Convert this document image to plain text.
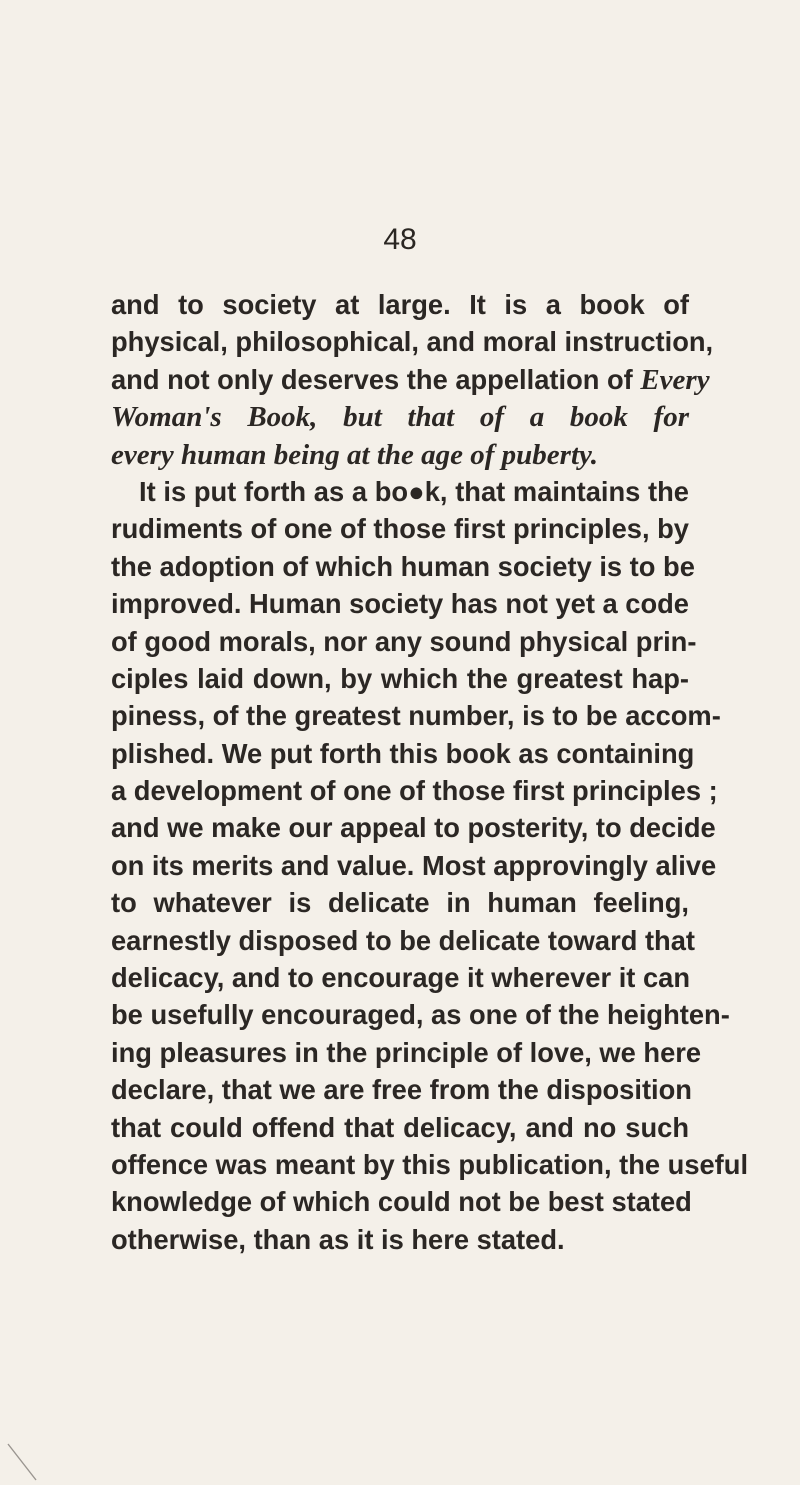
48
and to society at large. It is a book of
physical, philosophical, and moral instruction,
and not only deserves the appellation of Every
Woman's Book, but that of a book for
every human being at the age of puberty.
It is put forth as a bo●k, that maintains the
rudiments of one of those first principles, by
the adoption of which human society is to be
improved. Human society has not yet a code
of good morals, nor any sound physical prin-
ciples laid down, by which the greatest hap-
piness, of the greatest number, is to be accom-
plished. We put forth this book as containing
a development of one of those first principles ;
and we make our appeal to posterity, to decide
on its merits and value. Most approvingly alive
to whatever is delicate in human feeling,
earnestly disposed to be delicate toward that
delicacy, and to encourage it wherever it can
be usefully encouraged, as one of the heighten-
ing pleasures in the principle of love, we here
declare, that we are free from the disposition
that could offend that delicacy, and no such
offence was meant by this publication, the useful
knowledge of which could not be best stated
otherwise, than as it is here stated.
